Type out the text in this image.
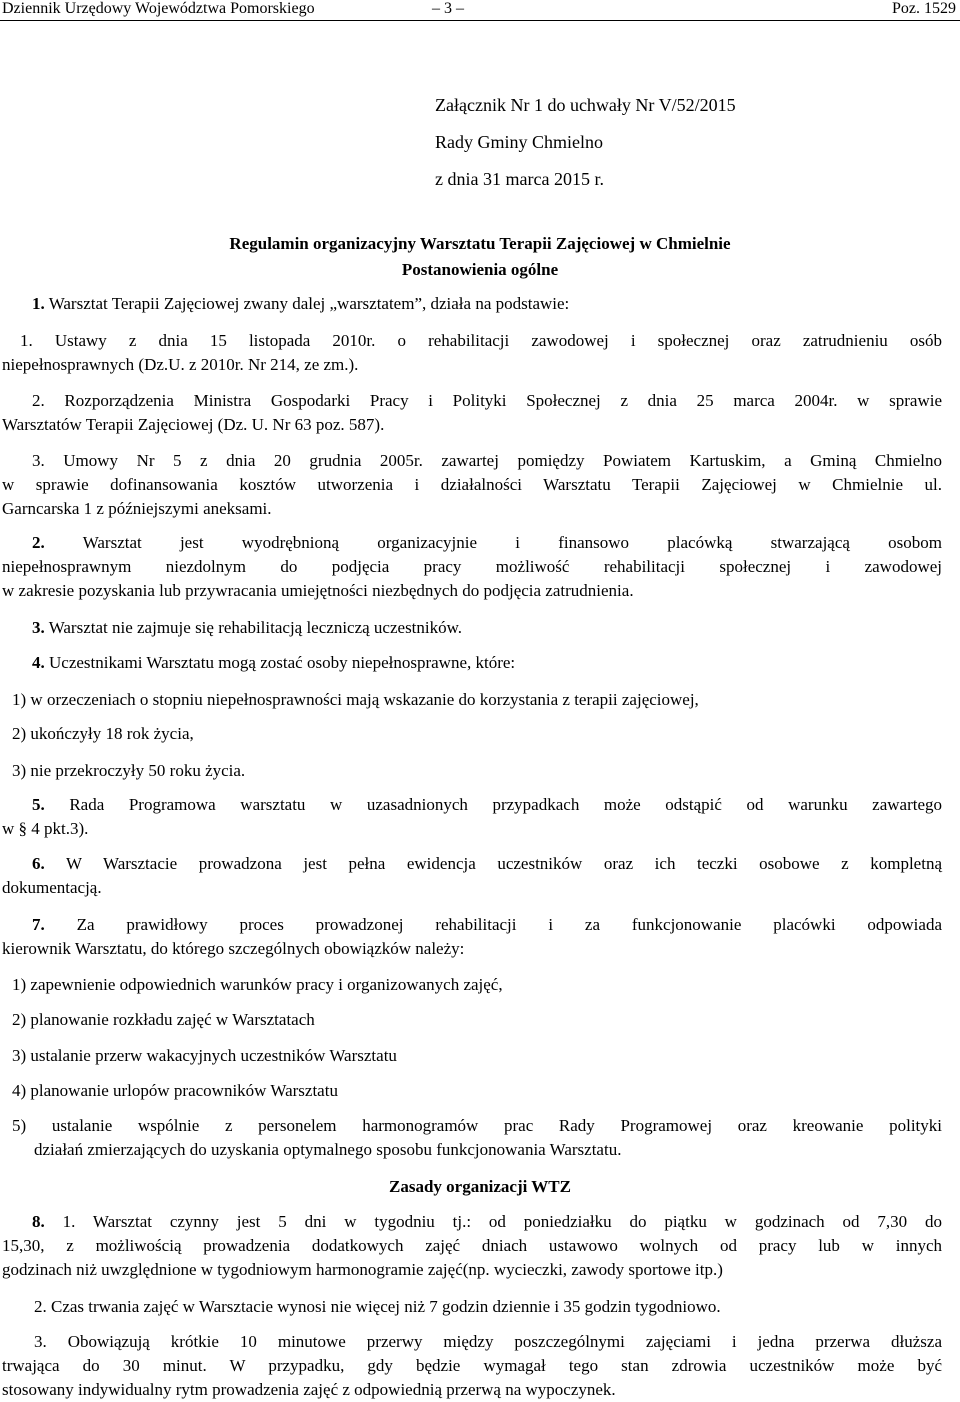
Dziennik Urzędowy Województwa Pomorskiego	– 3 –	Poz. 1529
Załącznik Nr 1 do uchwały Nr V/52/2015
Rady Gminy Chmielno
z dnia 31 marca 2015 r.
Regulamin organizacyjny Warsztatu Terapii Zajęciowej w Chmielnie
Postanowienia ogólne
1. Warsztat Terapii Zajęciowej zwany dalej „warsztatem”, działa na podstawie:
1. Ustawy z dnia 15 listopada 2010r. o rehabilitacji zawodowej i społecznej oraz zatrudnieniu osób
niepełnosprawnych (Dz.U. z 2010r. Nr 214, ze zm.).
2. Rozporządzenia Ministra Gospodarki Pracy i Polityki Społecznej z dnia 25 marca 2004r. w sprawie
Warsztatów Terapii Zajęciowej (Dz. U. Nr 63 poz. 587).
3. Umowy Nr 5 z dnia 20 grudnia 2005r. zawartej pomiędzy Powiatem Kartuskim, a Gminą Chmielno
w sprawie dofinansowania kosztów utworzenia i działalności Warsztatu Terapii Zajęciowej w Chmielnie ul.
Garncarska 1 z późniejszymi aneksami.
2. Warsztat jest wyodrębnioną organizacyjnie i finansowo placówką stwarzającą osobom
niepełnosprawnym niezdolnym do podjęcia pracy możliwość rehabilitacji społecznej i zawodowej
w zakresie pozyskania lub przywracania umiejętności niezbędnych do podjęcia zatrudnienia.
3. Warsztat nie zajmuje się rehabilitacją leczniczą uczestników.
4. Uczestnikami Warsztatu mogą zostać osoby niepełnosprawne, które:
1) w orzeczeniach o stopniu niepełnosprawności mają wskazanie do korzystania z terapii zajęciowej,
2) ukończyły 18 rok życia,
3) nie przekroczyły 50 roku życia.
5. Rada Programowa warsztatu w uzasadnionych przypadkach może odstąpić od warunku zawartego
w § 4 pkt.3).
6. W Warsztacie prowadzona jest pełna ewidencja uczestników oraz ich teczki osobowe z kompletną
dokumentacją.
7. Za prawidłowy proces prowadzonej rehabilitacji i za funkcjonowanie placówki odpowiada
kierownik Warsztatu, do którego szczególnych obowiązków należy:
1) zapewnienie odpowiednich warunków pracy i organizowanych zajęć,
2) planowanie rozkładu zajęć w Warsztatach
3) ustalanie przerw wakacyjnych uczestników Warsztatu
4) planowanie urlopów pracowników Warsztatu
5) ustalanie wspólnie z personelem harmonogramów prac Rady Programowej oraz kreowanie polityki
działań zmierzających do uzyskania optymalnego sposobu funkcjonowania Warsztatu.
Zasady organizacji WTZ
8. 1. Warsztat czynny jest 5 dni w tygodniu tj.: od poniedziałku do piątku w godzinach od 7,30 do
15,30, z możliwością prowadzenia dodatkowych zajęć dniach ustawowo wolnych od pracy lub w innych
godzinach niż uwzględnione w tygodniowym harmonogramie zajęć(np. wycieczki, zawody sportowe itp.)
2. Czas trwania zajęć w Warsztacie wynosi nie więcej niż 7 godzin dziennie i 35 godzin tygodniowo.
3. Obowiązują krótkie 10 minutowe przerwy między poszczególnymi zajęciami i jedna przerwa dłuższa
trwająca do 30 minut. W przypadku, gdy będzie wymagał tego stan zdrowia uczestników może być
stosowany indywidualny rytm prowadzenia zajęć z odpowiednią przerwą na wypoczynek.
